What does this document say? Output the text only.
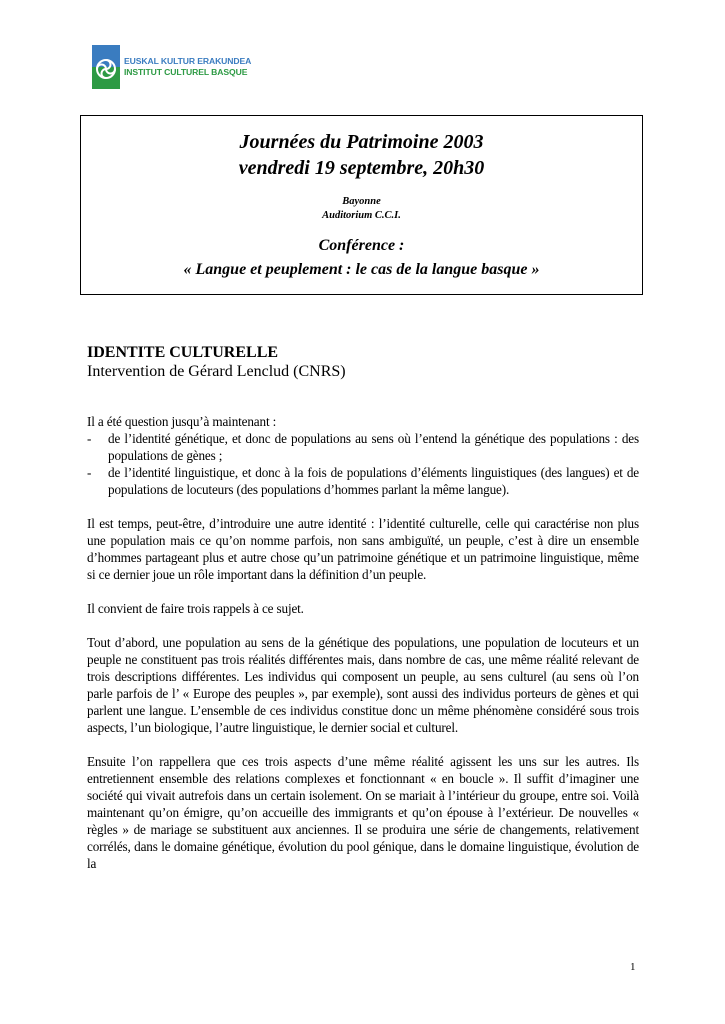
EUSKAL KULTUR ERAKUNDEA
INSTITUT CULTUREL BASQUE
Journées du Patrimoine 2003
vendredi 19 septembre, 20h30
Bayonne
Auditorium C.C.I.
Conférence :
« Langue et peuplement : le cas de la langue basque »
IDENTITE CULTURELLE
Intervention de Gérard Lenclud (CNRS)

Il a été question jusqu’à maintenant :

- de l’identité génétique, et donc de populations au sens où l’entend la génétique des populations : des populations de gènes ;
- de l’identité linguistique, et donc à la fois de populations d’éléments linguistiques (des langues) et de populations de locuteurs (des populations d’hommes parlant la même langue).

Il est temps, peut-être, d’introduire une autre identité : l’identité culturelle, celle qui caractérise non plus une population mais ce qu’on nomme parfois, non sans ambiguïté, un peuple, c’est à dire un ensemble d’hommes partageant plus et autre chose qu’un patrimoine génétique et un patrimoine linguistique, même si ce dernier joue un rôle important dans la définition d’un peuple.

Il convient de faire trois rappels à ce sujet.

Tout d’abord, une population au sens de la génétique des populations, une population de locuteurs et un peuple ne constituent pas trois réalités différentes mais, dans nombre de cas, une même réalité relevant de trois descriptions différentes. Les individus qui composent un peuple, au sens culturel (au sens où l’on parle parfois de l’ « Europe des peuples », par exemple), sont aussi des individus porteurs de gènes et qui parlent une langue. L’ensemble de ces individus constitue donc un même phénomène considéré sous trois aspects, l’un biologique, l’autre linguistique, le dernier social et culturel.

Ensuite l’on rappellera que ces trois aspects d’une même réalité agissent les uns sur les autres. Ils entretiennent ensemble des relations complexes et fonctionnant « en boucle ». Il suffit d’imaginer une société qui vivait autrefois dans un certain isolement. On se mariait à l’intérieur du groupe, entre soi. Voilà maintenant qu’on émigre, qu’on accueille des immigrants et qu’on épouse à l’extérieur. De nouvelles « règles » de mariage se substituent aux anciennes. Il se produira une série de changements, relativement corrélés, dans le domaine génétique, évolution du pool génique, dans le domaine linguistique, évolution de la

1
